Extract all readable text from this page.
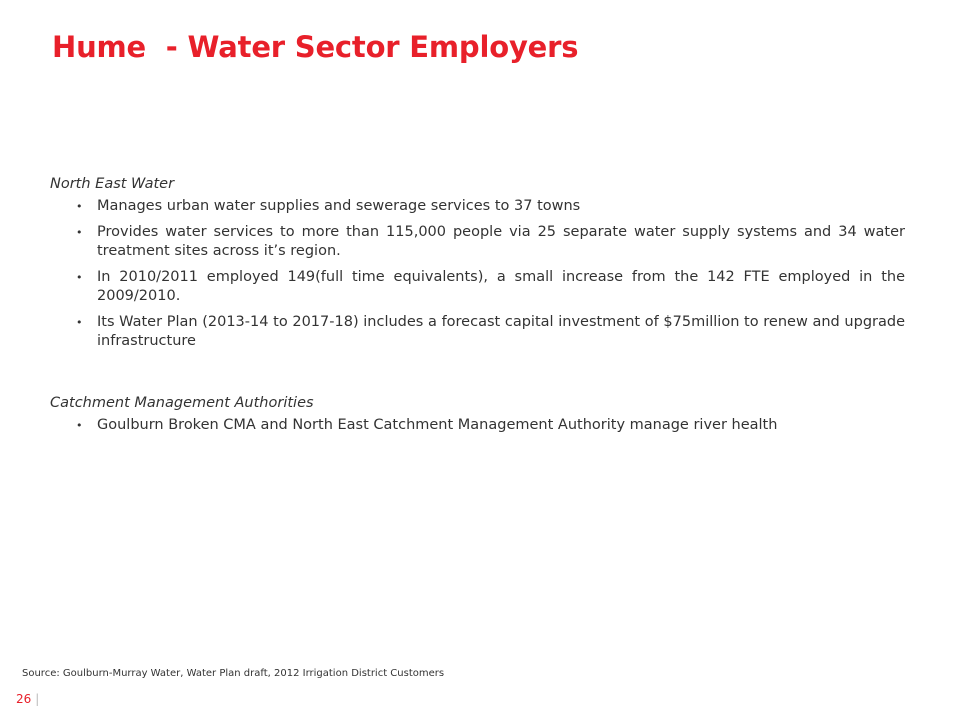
Hume  - Water Sector Employers

North East Water

• Manages urban water supplies and sewerage services to 37 towns
• Provides water services to more than 115,000 people via 25 separate water supply systems and 34 water treatment sites across it’s region.
• In 2010/2011 employed 149(full time equivalents), a small increase from the 142 FTE employed in the 2009/2010.
• Its Water Plan (2013-14 to 2017-18) includes a forecast capital investment of $75million to renew and upgrade infrastructure

Catchment Management Authorities

• Goulburn Broken CMA and North East Catchment Management Authority manage river health

Source: Goulburn-Murray Water, Water Plan draft, 2012 Irrigation District Customers

26 |
